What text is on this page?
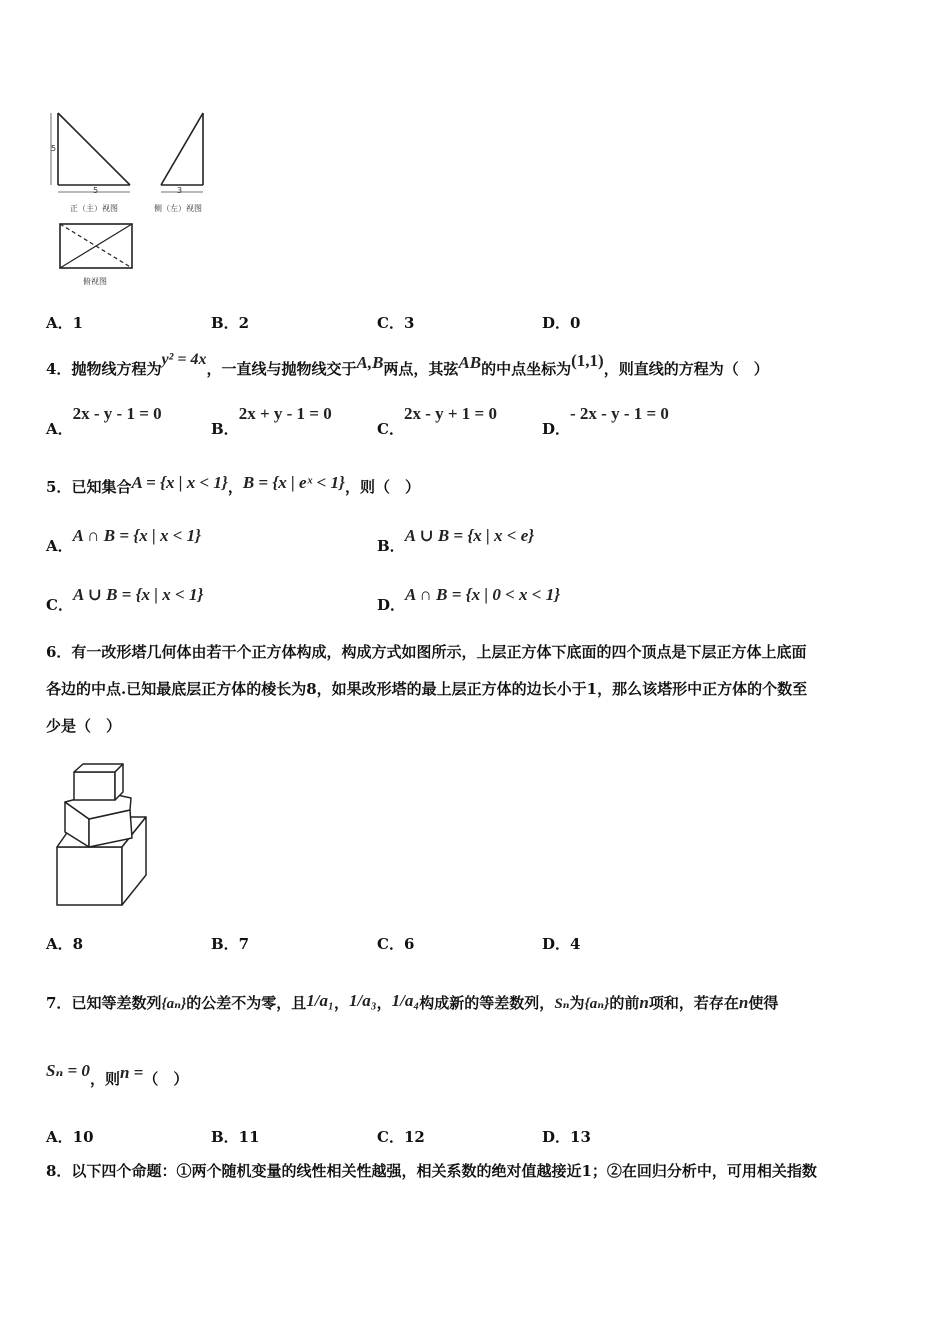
5
5
正（主）视图
3
侧（左）视图
俯视图
A．1	B．2	C．3	D．0
4．抛物线方程为y² = 4x，一直线与抛物线交于A,B两点，其弦AB的中点坐标为(1,1)，则直线的方程为（　）
A．2x - y - 1 = 0
B．2x + y - 1 = 0
C．2x - y + 1 = 0
D．- 2x - y - 1 = 0
5．已知集合A = {x | x < 1}，B = {x | eˣ < 1}，则（　）
A．A ∩ B = {x | x < 1}
B．A ∪ B = {x | x < e}
C．A ∪ B = {x | x < 1}
D．A ∩ B = {x | 0 < x < 1}
6．有一改形塔几何体由若干个正方体构成，构成方式如图所示，上层正方体下底面的四个顶点是下层正方体上底面
各边的中点.已知最底层正方体的棱长为8，如果改形塔的最上层正方体的边长小于1，那么该塔形中正方体的个数至
少是（　）
A．8	B．7	C．6	D．4
7．已知等差数列{aₙ}的公差不为零，且1/a₁，1/a₃，1/a₄构成新的等差数列，Sₙ为{aₙ}的前n项和，若存在n使得
Sₙ = 0，则n =（　）
A．10	B．11	C．12	D．13
8．以下四个命题：①两个随机变量的线性相关性越强，相关系数的绝对值越接近1；②在回归分析中，可用相关指数
